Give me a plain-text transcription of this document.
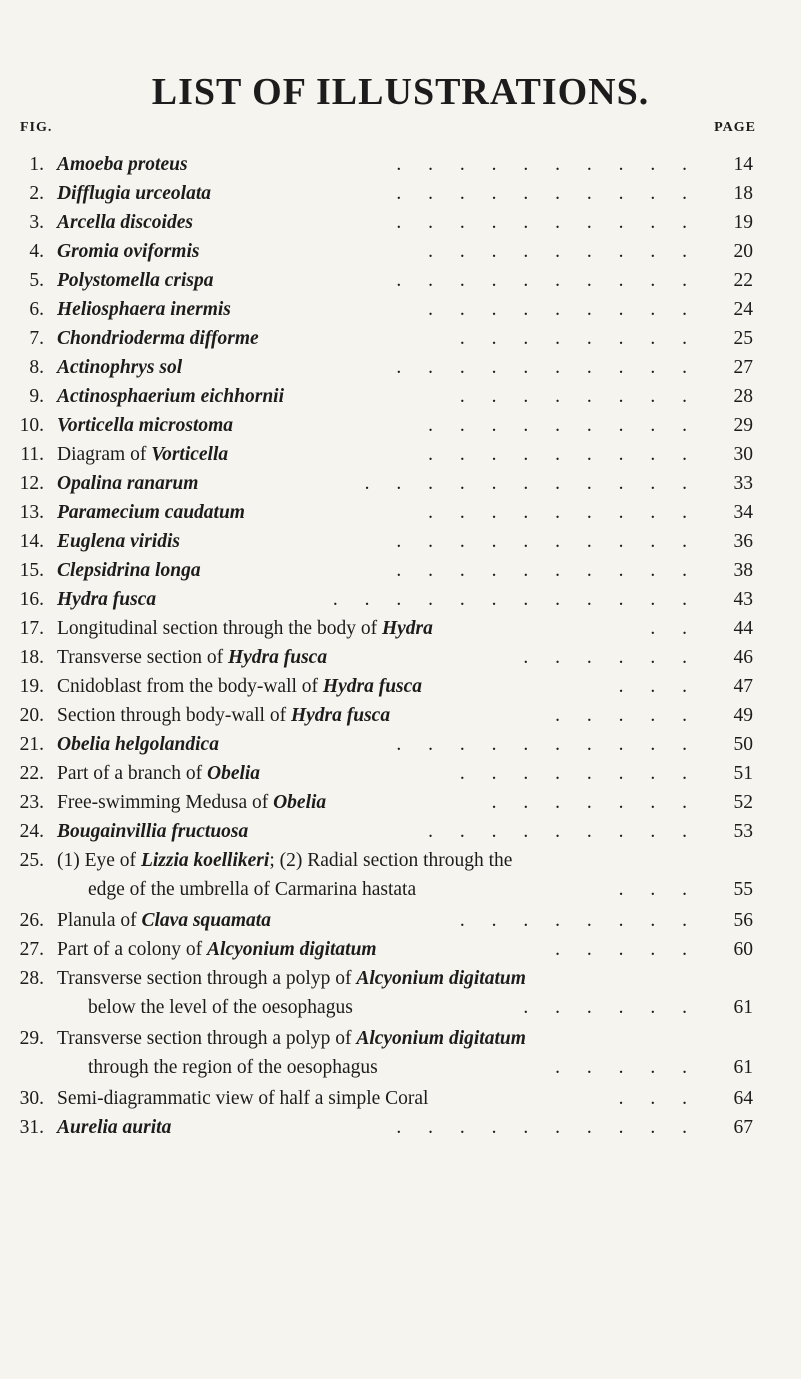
LIST OF ILLUSTRATIONS.
FIG.	PAGE
1. Amoeba proteus	. . . . . . . . . .	14
2. Difflugia urceolata	. . . . . . . . . .	18
3. Arcella discoides	. . . . . . . . . .	19
4. Gromia oviformis	. . . . . . . . .	20
5. Polystomella crispa	. . . . . . . . . .	22
6. Heliosphaera inermis	. . . . . . . . .	24
7. Chondrioderma difforme	. . . . . . . .	25
8. Actinophrys sol	. . . . . . . . . .	27
9. Actinosphaerium eichhornii	. . . . . . . .	28
10. Vorticella microstoma	. . . . . . . . .	29
11. Diagram of Vorticella	. . . . . . . . .	30
12. Opalina ranarum	. . . . . . . . . . .	33
13. Paramecium caudatum	. . . . . . . . .	34
14. Euglena viridis	. . . . . . . . . .	36
15. Clepsidrina longa	. . . . . . . . . .	38
16. Hydra fusca	. . . . . . . . . . . .	43
17. Longitudinal section through the body of Hydra	. .	44
18. Transverse section of Hydra fusca	. . . . . .	46
19. Cnidoblast from the body-wall of Hydra fusca	. . .	47
20. Section through body-wall of Hydra fusca	. . . . .	49
21. Obelia helgolandica	. . . . . . . . . .	50
22. Part of a branch of Obelia	. . . . . . . .	51
23. Free-swimming Medusa of Obelia	. . . . . . .	52
24. Bougainvillia fructuosa	. . . . . . . . .	53
25. (1) Eye of Lizzia koellikeri; (2) Radial section through the
edge of the umbrella of Carmarina hastata	. . .	55
26. Planula of Clava squamata	. . . . . . . .	56
27. Part of a colony of Alcyonium digitatum	. . . . .	60
28. Transverse section through a polyp of Alcyonium digitatum
below the level of the oesophagus	. . . . . .	61
29. Transverse section through a polyp of Alcyonium digitatum
through the region of the oesophagus	. . . . .	61
30. Semi-diagrammatic view of half a simple Coral	. . .	64
31. Aurelia aurita	. . . . . . . . . .	67
